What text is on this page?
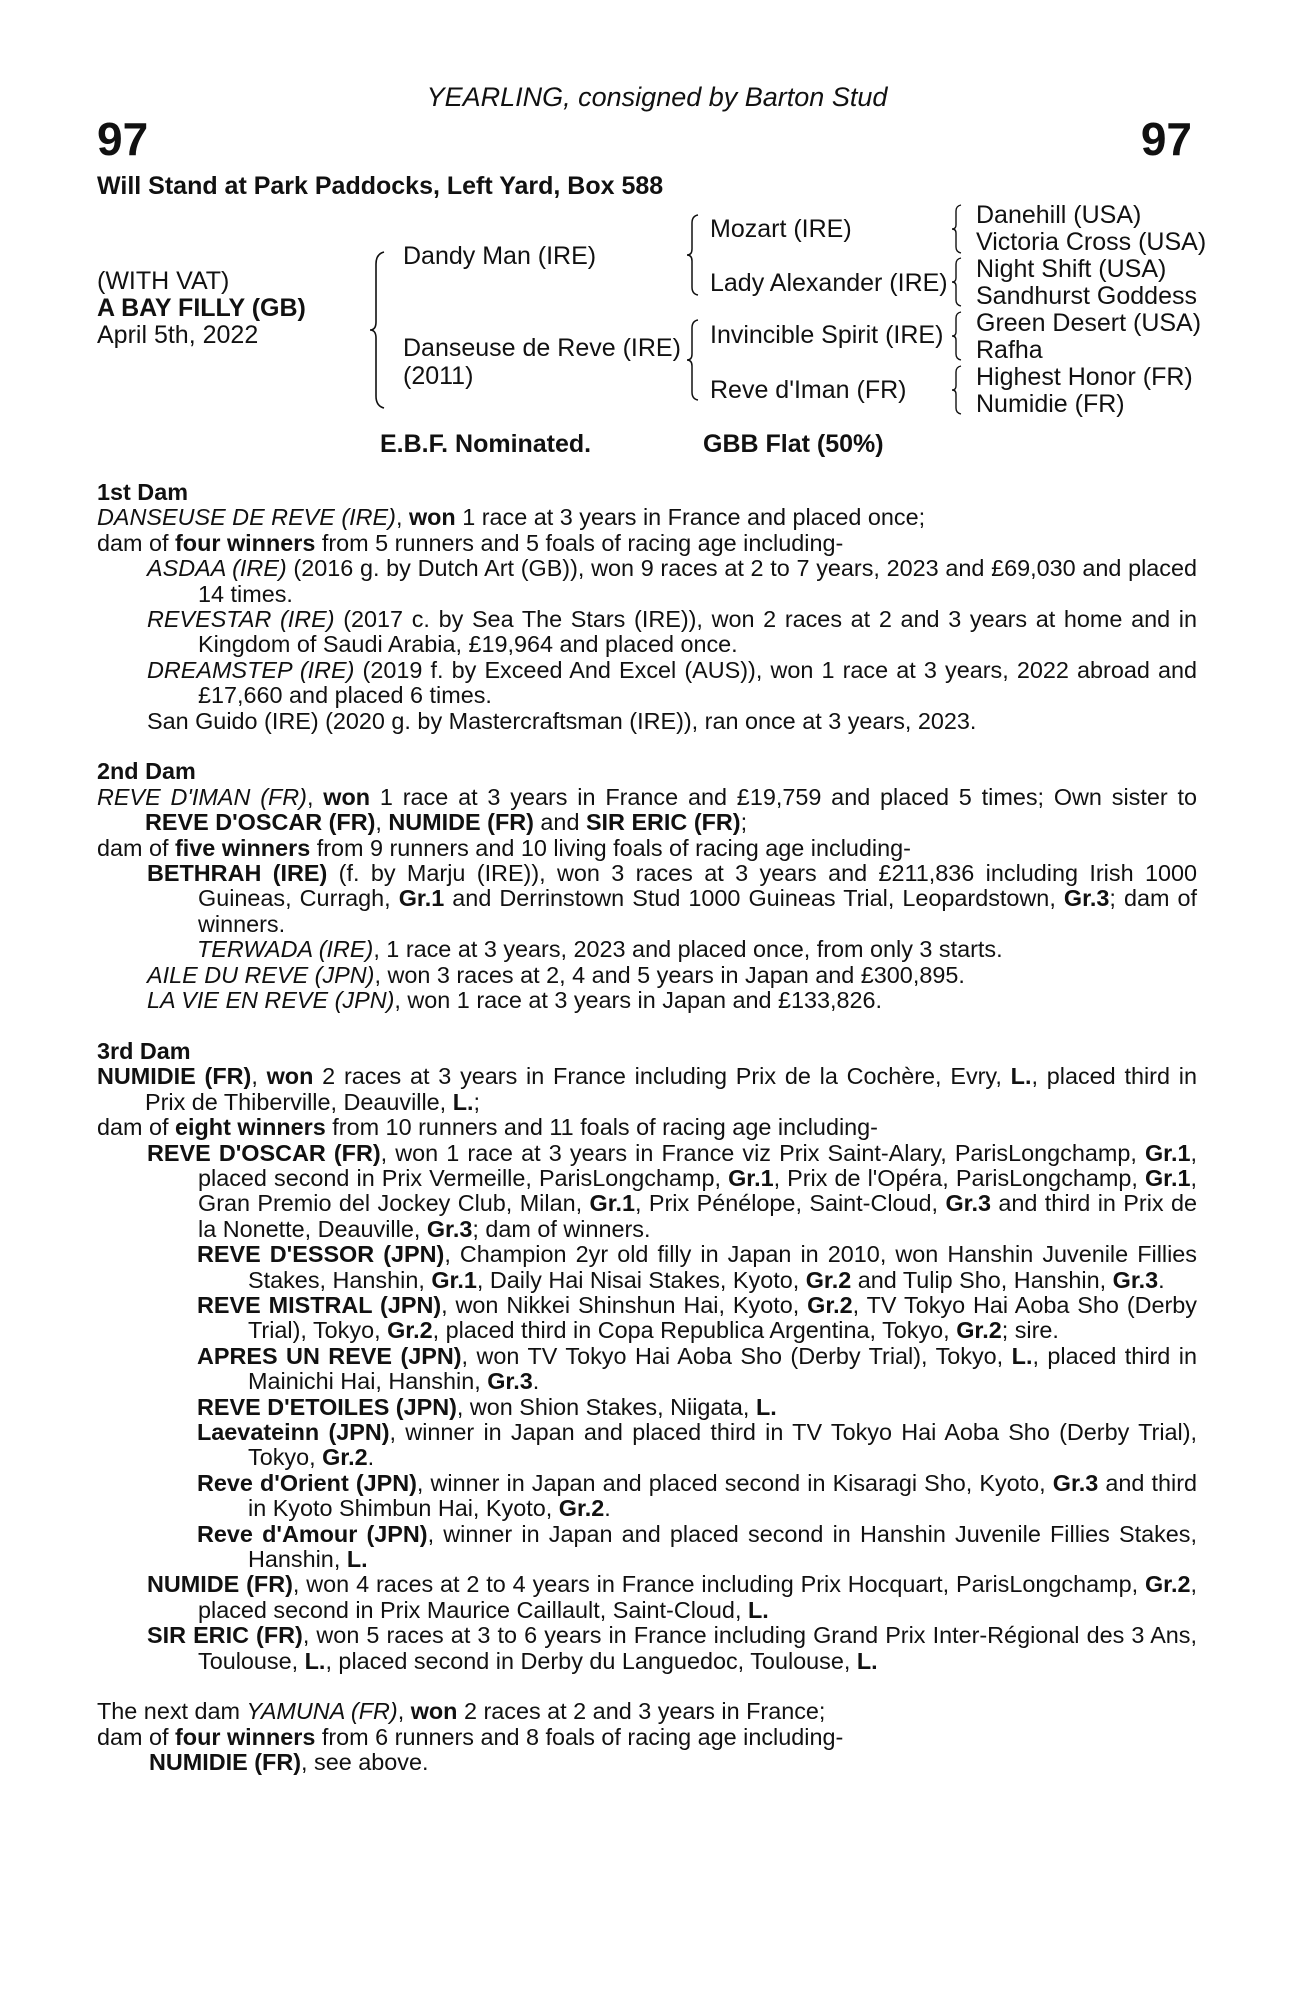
YEARLING, consigned by Barton Stud
97	97
Will Stand at Park Paddocks, Left Yard, Box 588
(WITH VAT)
A BAY FILLY (GB)
April 5th, 2022
Dandy Man (IRE)
Danseuse de Reve (IRE)
(2011)
Mozart (IRE)
Lady Alexander (IRE)
Invincible Spirit (IRE)
Reve d'Iman (FR)
Danehill (USA)
Victoria Cross (USA)
Night Shift (USA)
Sandhurst Goddess
Green Desert (USA)
Rafha
Highest Honor (FR)
Numidie (FR)
E.B.F. Nominated.	GBB Flat (50%)

1st Dam

DANSEUSE DE REVE (IRE), won 1 race at 3 years in France and placed once;

dam of four winners from 5 runners and 5 foals of racing age including-

ASDAA (IRE) (2016 g. by Dutch Art (GB)), won 9 races at 2 to 7 years, 2023 and £69,030 and placed 14 times.

REVESTAR (IRE) (2017 c. by Sea The Stars (IRE)), won 2 races at 2 and 3 years at home and in Kingdom of Saudi Arabia, £19,964 and placed once.

DREAMSTEP (IRE) (2019 f. by Exceed And Excel (AUS)), won 1 race at 3 years, 2022 abroad and £17,660 and placed 6 times.

San Guido (IRE) (2020 g. by Mastercraftsman (IRE)), ran once at 3 years, 2023.

2nd Dam

REVE D'IMAN (FR), won 1 race at 3 years in France and £19,759 and placed 5 times; Own sister to REVE D'OSCAR (FR), NUMIDE (FR) and SIR ERIC (FR);

dam of five winners from 9 runners and 10 living foals of racing age including-

BETHRAH (IRE) (f. by Marju (IRE)), won 3 races at 3 years and £211,836 including Irish 1000 Guineas, Curragh, Gr.1 and Derrinstown Stud 1000 Guineas Trial, Leopardstown, Gr.3; dam of winners.

TERWADA (IRE), 1 race at 3 years, 2023 and placed once, from only 3 starts.

AILE DU REVE (JPN), won 3 races at 2, 4 and 5 years in Japan and £300,895.

LA VIE EN REVE (JPN), won 1 race at 3 years in Japan and £133,826.

3rd Dam

NUMIDIE (FR), won 2 races at 3 years in France including Prix de la Cochère, Evry, L., placed third in Prix de Thiberville, Deauville, L.;

dam of eight winners from 10 runners and 11 foals of racing age including-

REVE D'OSCAR (FR), won 1 race at 3 years in France viz Prix Saint-Alary, ParisLongchamp, Gr.1, placed second in Prix Vermeille, ParisLongchamp, Gr.1, Prix de l'Opéra, ParisLongchamp, Gr.1, Gran Premio del Jockey Club, Milan, Gr.1, Prix Pénélope, Saint-Cloud, Gr.3 and third in Prix de la Nonette, Deauville, Gr.3; dam of winners.

REVE D'ESSOR (JPN), Champion 2yr old filly in Japan in 2010, won Hanshin Juvenile Fillies Stakes, Hanshin, Gr.1, Daily Hai Nisai Stakes, Kyoto, Gr.2 and Tulip Sho, Hanshin, Gr.3.

REVE MISTRAL (JPN), won Nikkei Shinshun Hai, Kyoto, Gr.2, TV Tokyo Hai Aoba Sho (Derby Trial), Tokyo, Gr.2, placed third in Copa Republica Argentina, Tokyo, Gr.2; sire.

APRES UN REVE (JPN), won TV Tokyo Hai Aoba Sho (Derby Trial), Tokyo, L., placed third in Mainichi Hai, Hanshin, Gr.3.

REVE D'ETOILES (JPN), won Shion Stakes, Niigata, L.

Laevateinn (JPN), winner in Japan and placed third in TV Tokyo Hai Aoba Sho (Derby Trial), Tokyo, Gr.2.

Reve d'Orient (JPN), winner in Japan and placed second in Kisaragi Sho, Kyoto, Gr.3 and third in Kyoto Shimbun Hai, Kyoto, Gr.2.

Reve d'Amour (JPN), winner in Japan and placed second in Hanshin Juvenile Fillies Stakes, Hanshin, L.

NUMIDE (FR), won 4 races at 2 to 4 years in France including Prix Hocquart, ParisLongchamp, Gr.2, placed second in Prix Maurice Caillault, Saint-Cloud, L.

SIR ERIC (FR), won 5 races at 3 to 6 years in France including Grand Prix Inter-Régional des 3 Ans, Toulouse, L., placed second in Derby du Languedoc, Toulouse, L.

The next dam YAMUNA (FR), won 2 races at 2 and 3 years in France;

dam of four winners from 6 runners and 8 foals of racing age including-

NUMIDIE (FR), see above.
